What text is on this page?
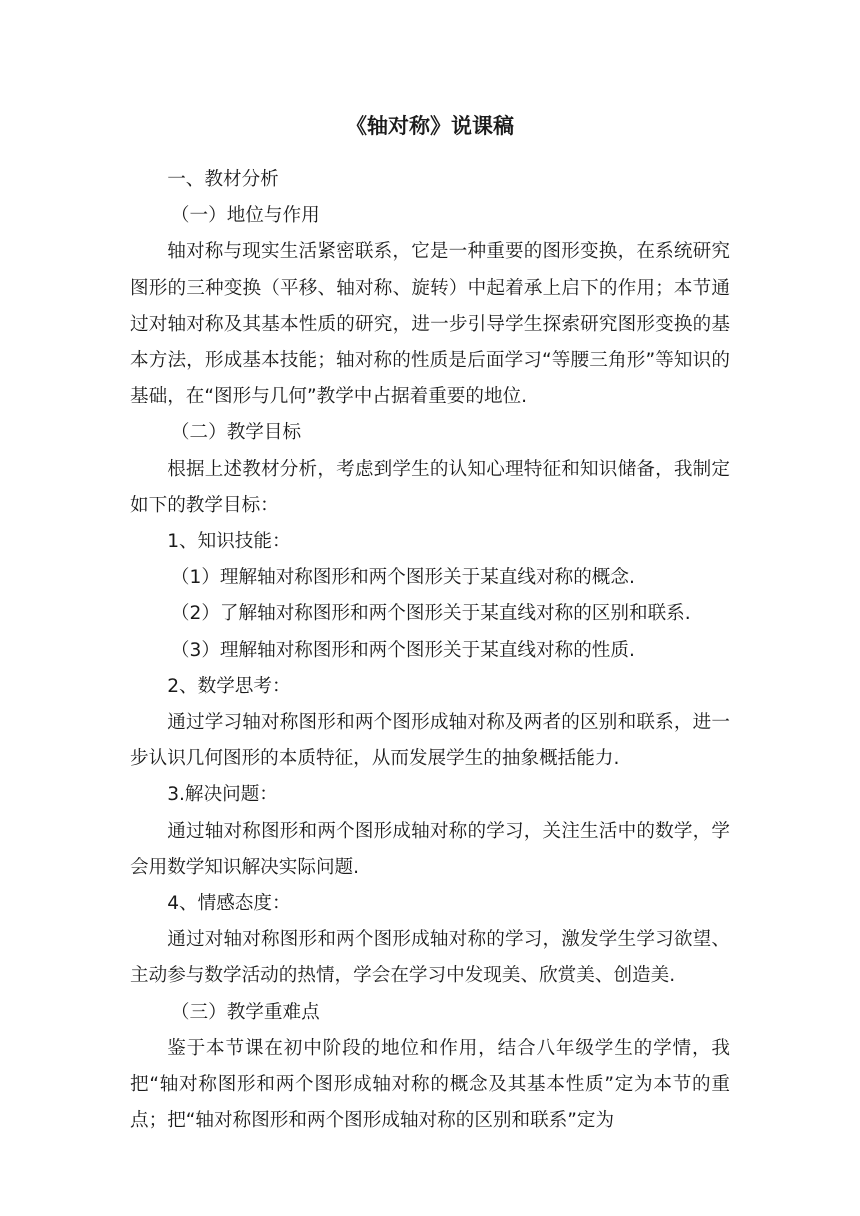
《轴对称》说课稿

一、教材分析

（一）地位与作用

轴对称与现实生活紧密联系，它是一种重要的图形变换，在系统研究图形的三种变换（平移、轴对称、旋转）中起着承上启下的作用；本节通过对轴对称及其基本性质的研究，进一步引导学生探索研究图形变换的基本方法，形成基本技能；轴对称的性质是后面学习“等腰三角形”等知识的基础，在“图形与几何”教学中占据着重要的地位.

（二）教学目标

根据上述教材分析，考虑到学生的认知心理特征和知识储备，我制定如下的教学目标：

1、知识技能：

（1）理解轴对称图形和两个图形关于某直线对称的概念.

（2）了解轴对称图形和两个图形关于某直线对称的区别和联系.

（3）理解轴对称图形和两个图形关于某直线对称的性质.

2、数学思考：

通过学习轴对称图形和两个图形成轴对称及两者的区别和联系，进一步认识几何图形的本质特征，从而发展学生的抽象概括能力.

3.解决问题：

通过轴对称图形和两个图形成轴对称的学习，关注生活中的数学，学会用数学知识解决实际问题.

4、情感态度：

通过对轴对称图形和两个图形成轴对称的学习，激发学生学习欲望、主动参与数学活动的热情，学会在学习中发现美、欣赏美、创造美.

（三）教学重难点

鉴于本节课在初中阶段的地位和作用，结合八年级学生的学情，我把“轴对称图形和两个图形成轴对称的概念及其基本性质”定为本节的重点；把“轴对称图形和两个图形成轴对称的区别和联系”定为
